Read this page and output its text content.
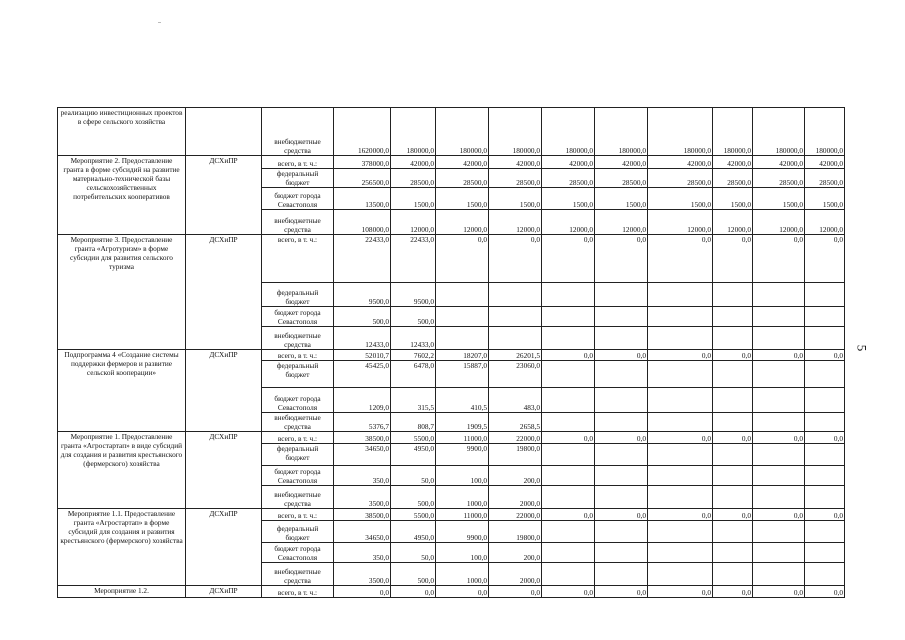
реализацию инвестиционных проектов в сфере сельского хозяйства		внебюджетные средства	1620000,0	180000,0	180000,0	180000,0	180000,0	180000,0	180000,0	180000,0	180000,0	180000,0
Мероприятие 2. Предоставление гранта в форме субсидий на развитие материально-технической базы сельскохозяйственных потребительских кооперативов	ДСХиПР	всего, в т. ч.:	378000,0	42000,0	42000,0	42000,0	42000,0	42000,0	42000,0	42000,0	42000,0	42000,0
		федеральный бюджет	256500,0	28500,0	28500,0	28500,0	28500,0	28500,0	28500,0	28500,0	28500,0	28500,0
		бюджет города Севастополя	13500,0	1500,0	1500,0	1500,0	1500,0	1500,0	1500,0	1500,0	1500,0	1500,0
		внебюджетные средства	108000,0	12000,0	12000,0	12000,0	12000,0	12000,0	12000,0	12000,0	12000,0	12000,0
Мероприятие 3. Предоставление гранта «Агротуризм» в форме субсидии для развития сельского туризма	ДСХиПР	всего, в т. ч.:	22433,0	22433,0	0,0	0,0	0,0	0,0	0,0	0,0	0,0	0,0
		федеральный бюджет	9500,0	9500,0								
		бюджет города Севастополя	500,0	500,0								
		внебюджетные средства	12433,0	12433,0								
Подпрограмма 4 «Создание системы поддержки фермеров и развитие сельской кооперации»	ДСХиПР	всего, в т. ч.:	52010,7	7602,2	18207,0	26201,5	0,0	0,0	0,0	0,0	0,0	0,0
		федеральный бюджет	45425,0	6478,0	15887,0	23060,0						
		бюджет города Севастополя	1209,0	315,5	410,5	483,0						
		внебюджетные средства	5376,7	808,7	1909,5	2658,5						
Мероприятие 1. Предоставление гранта «Агростартап» в виде субсидий для создания и развития крестьянского (фермерского) хозяйства	ДСХиПР	всего, в т. ч.:	38500,0	5500,0	11000,0	22000,0	0,0	0,0	0,0	0,0	0,0	0,0
		федеральный бюджет	34650,0	4950,0	9900,0	19800,0						
		бюджет города Севастополя	350,0	50,0	100,0	200,0						
		внебюджетные средства	3500,0	500,0	1000,0	2000,0						
Мероприятие 1.1. Предоставление гранта «Агростартап» в форме субсидий для создания и развития крестьянского (фермерского) хозяйства	ДСХиПР	всего, в т. ч.:	38500,0	5500,0	11000,0	22000,0	0,0	0,0	0,0	0,0	0,0	0,0
		федеральный бюджет	34650,0	4950,0	9900,0	19800,0						
		бюджет города Севастополя	350,0	50,0	100,0	200,0						
		внебюджетные средства	3500,0	500,0	1000,0	2000,0						
Мероприятие 1.2.	ДСХиПР	всего, в т. ч.:	0,0	0,0	0,0	0,0	0,0	0,0	0,0	0,0	0,0	0,0
5
